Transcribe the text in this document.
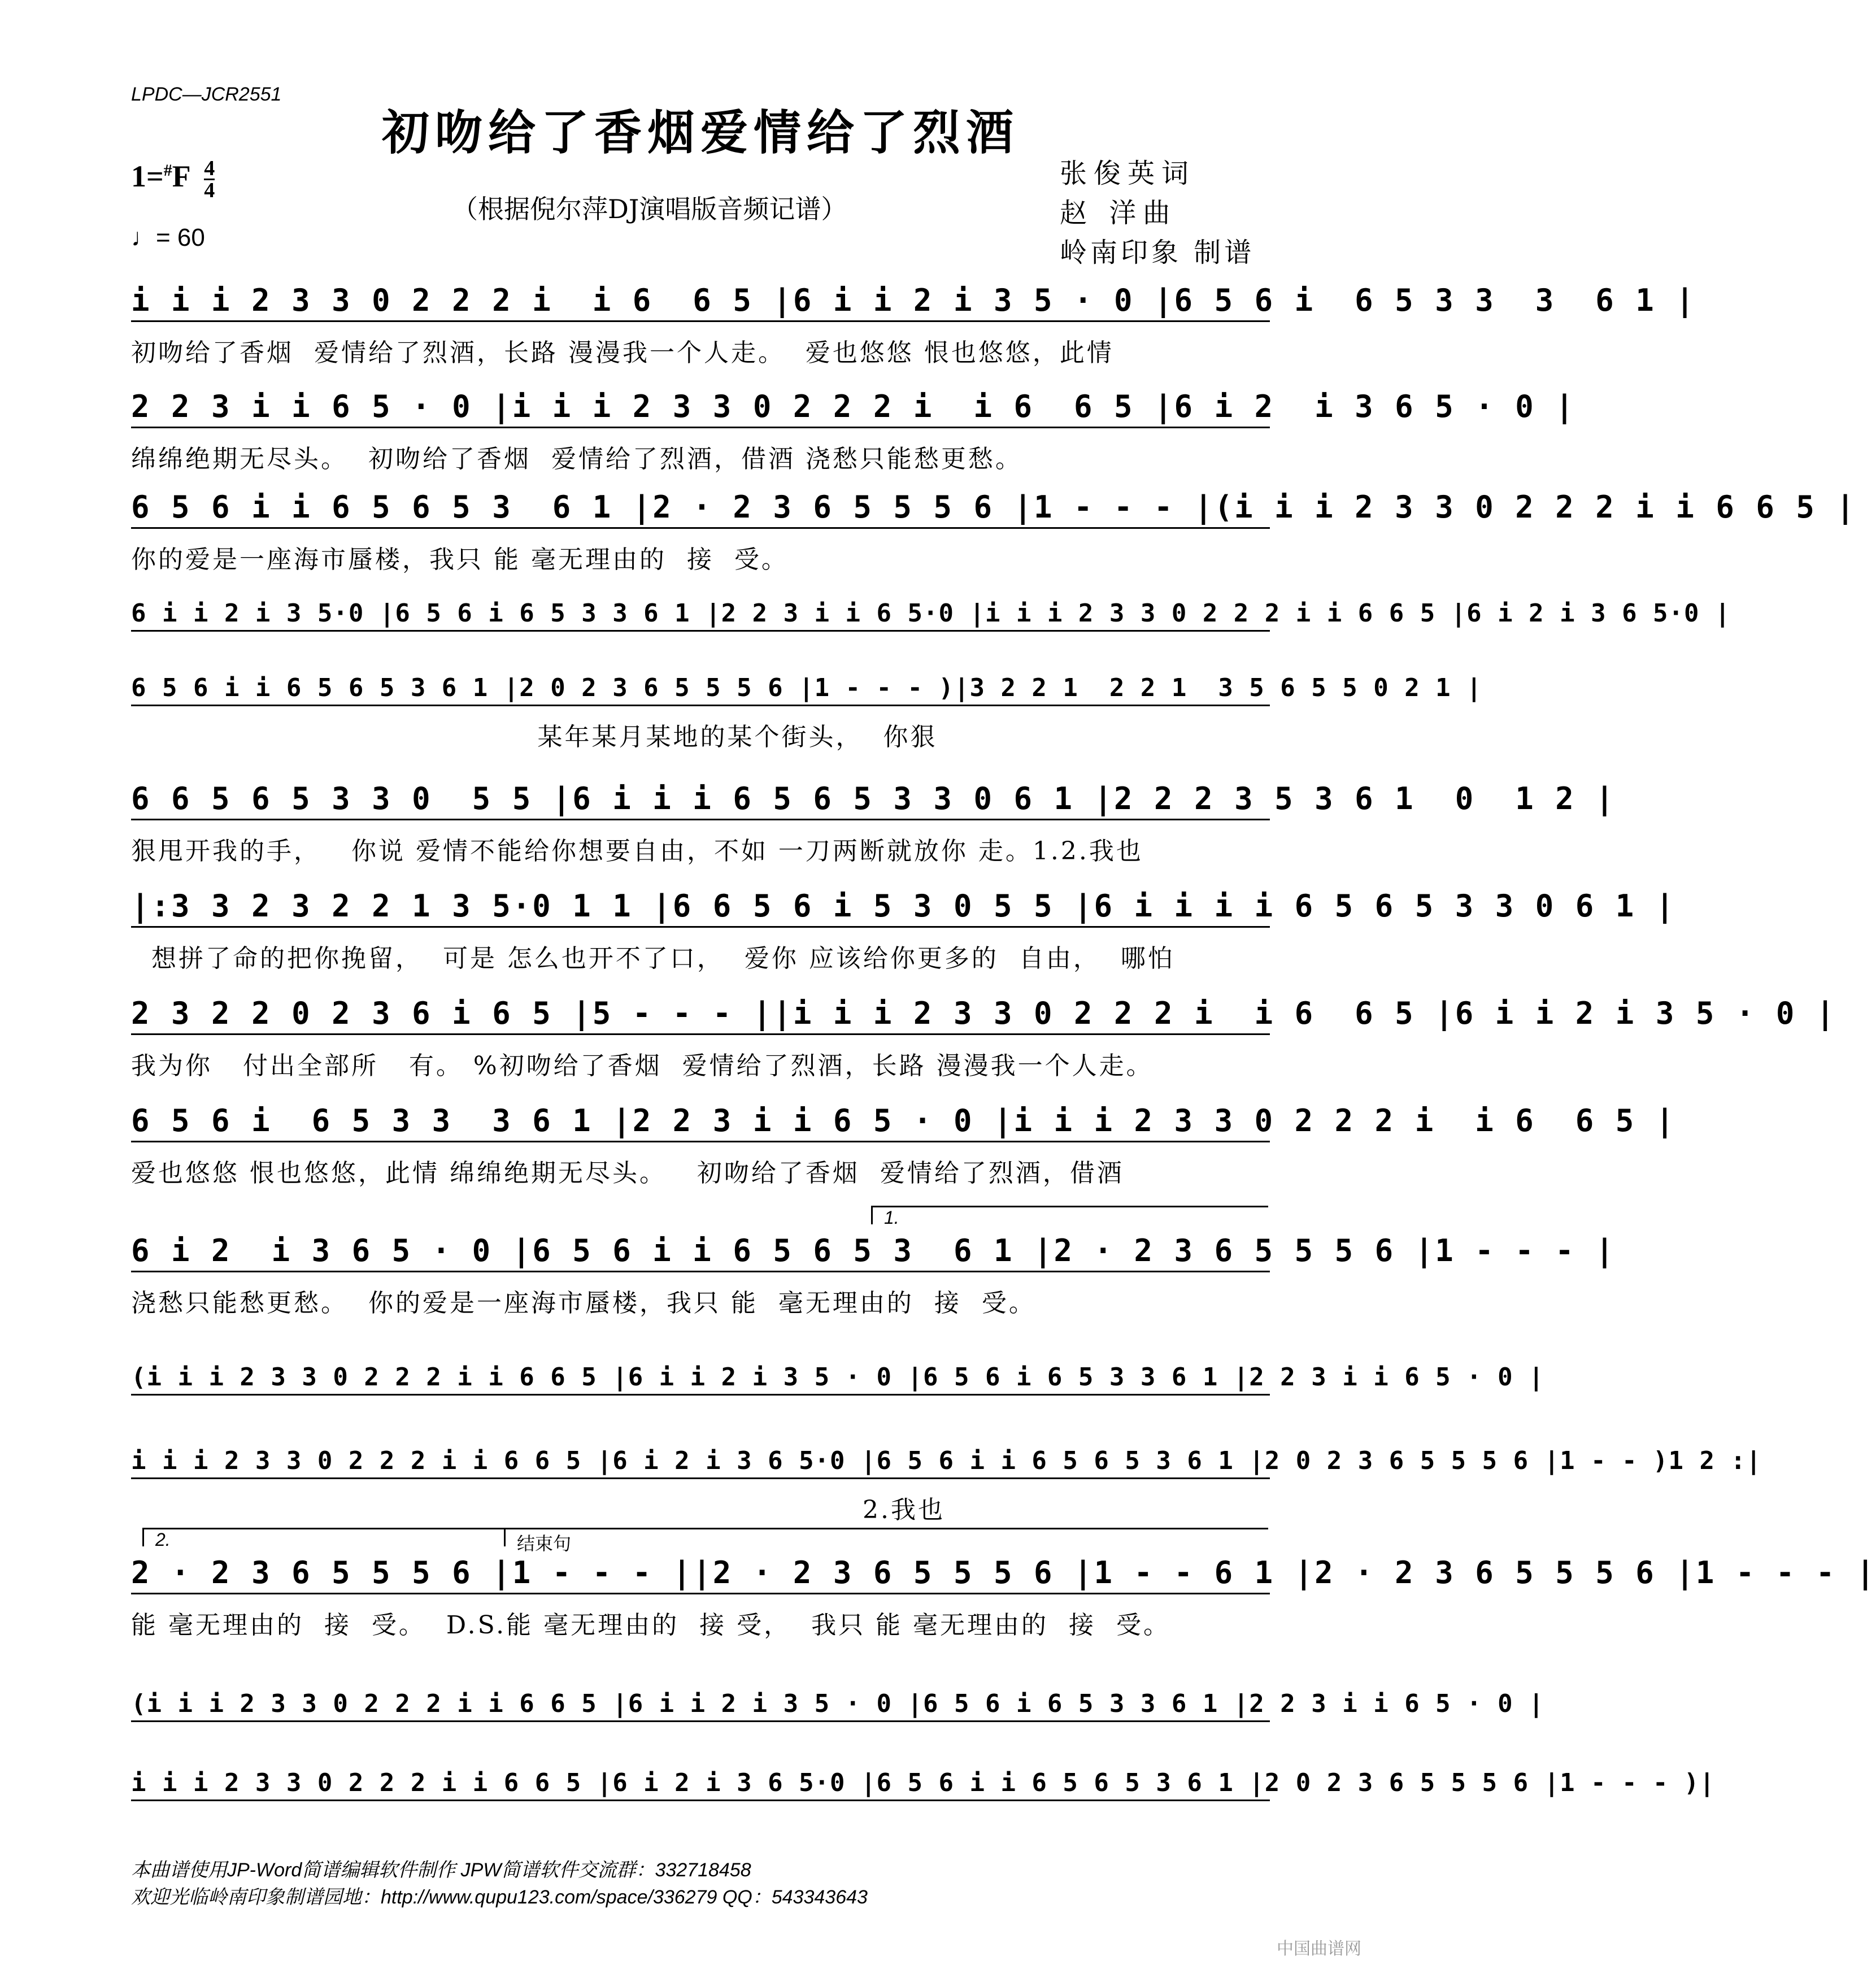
LPDC—JCR2551
初吻给了香烟爱情给了烈酒
$1=^{\#}F \frac{4}{4}$
♩= 60
（根据倪尔萍DJ演唱版音频记谱）
张俊英词
赵 洋曲
岭南印象 制谱
i i i 2 3 3 0 2 2 2 i  i 6  6 5 |6 i i 2 i 3 5 · 0 |6 5 6 i  6 5 3 3  3  6 1 |
初吻给了香烟  爱情给了烈酒，长路 漫漫我一个人走。  爱也悠悠 恨也悠悠，此情
2 2 3 i i 6 5 · 0 |i i i 2 3 3 0 2 2 2 i  i 6  6 5 |6 i 2  i 3 6 5 · 0 |
绵绵绝期无尽头。  初吻给了香烟  爱情给了烈酒，借酒 浇愁只能愁更愁。
6 5 6 i i 6 5 6 5 3  6 1 |2 · 2 3 6 5 5 5 6 |1 - - - |(i i i 2 3 3 0 2 2 2 i i 6 6 5 |
你的爱是一座海市蜃楼，我只 能 毫无理由的  接  受。
6 i i 2 i 3 5·0 |6 5 6 i 6 5 3 3 6 1 |2 2 3 i i 6 5·0 |i i i 2 3 3 0 2 2 2 i i 6 6 5 |6 i 2 i 3 6 5·0 |
6 5 6 i i 6 5 6 5 3 6 1 |2 0 2 3 6 5 5 5 6 |1 - - - )|3 2 2 1  2 2 1  3 5 6 5 5 0 2 1 |
某年某月某地的某个街头，  你狠
6 6 5 6 5 3 3 0  5 5 |6 i i i 6 5 6 5 3 3 0 6 1 |2 2 2 3 5 3 6 1  0  1 2 |
狠甩开我的手，   你说 爱情不能给你想要自由，不如 一刀两断就放你 走。1.2.我也
|:3 3 2 3 2 2 1 3 5·0 1 1 |6 6 5 6 i 5 3 0 5 5 |6 i i i i 6 5 6 5 3 3 0 6 1 |
想拼了命的把你挽留，  可是 怎么也开不了口，  爱你 应该给你更多的  自由，  哪怕
2 3 2 2 0 2 3 6 i 6 5 |5 - - - ||i i i 2 3 3 0 2 2 2 i  i 6  6 5 |6 i i 2 i 3 5 · 0 |
我为你   付出全部所   有。 %初吻给了香烟  爱情给了烈酒，长路 漫漫我一个人走。
6 5 6 i  6 5 3 3  3 6 1 |2 2 3 i i 6 5 · 0 |i i i 2 3 3 0 2 2 2 i  i 6  6 5 |
爱也悠悠 恨也悠悠，此情 绵绵绝期无尽头。   初吻给了香烟  爱情给了烈酒，借酒
1.
6 i 2  i 3 6 5 · 0 |6 5 6 i i 6 5 6 5 3  6 1 |2 · 2 3 6 5 5 5 6 |1 - - - |
浇愁只能愁更愁。  你的爱是一座海市蜃楼，我只 能  毫无理由的  接  受。
(i i i 2 3 3 0 2 2 2 i i 6 6 5 |6 i i 2 i 3 5 · 0 |6 5 6 i 6 5 3 3 6 1 |2 2 3 i i 6 5 · 0 |
i i i 2 3 3 0 2 2 2 i i 6 6 5 |6 i 2 i 3 6 5·0 |6 5 6 i i 6 5 6 5 3 6 1 |2 0 2 3 6 5 5 5 6 |1 - - )1 2 :|
2.我也
2.	结束句
2 · 2 3 6 5 5 5 6 |1 - - - ||2 · 2 3 6 5 5 5 6 |1 - - 6 1 |2 · 2 3 6 5 5 5 6 |1 - - - |
能 毫无理由的  接  受。  D.S.能 毫无理由的  接 受，  我只 能 毫无理由的  接  受。
(i i i 2 3 3 0 2 2 2 i i 6 6 5 |6 i i 2 i 3 5 · 0 |6 5 6 i 6 5 3 3 6 1 |2 2 3 i i 6 5 · 0 |
i i i 2 3 3 0 2 2 2 i i 6 6 5 |6 i 2 i 3 6 5·0 |6 5 6 i i 6 5 6 5 3 6 1 |2 0 2 3 6 5 5 5 6 |1 - - - )|
本曲谱使用JP-Word简谱编辑软件制作 JPW简谱软件交流群：332718458
欢迎光临岭南印象制谱园地：http://www.qupu123.com/space/336279 QQ：543343643
中国曲谱网
